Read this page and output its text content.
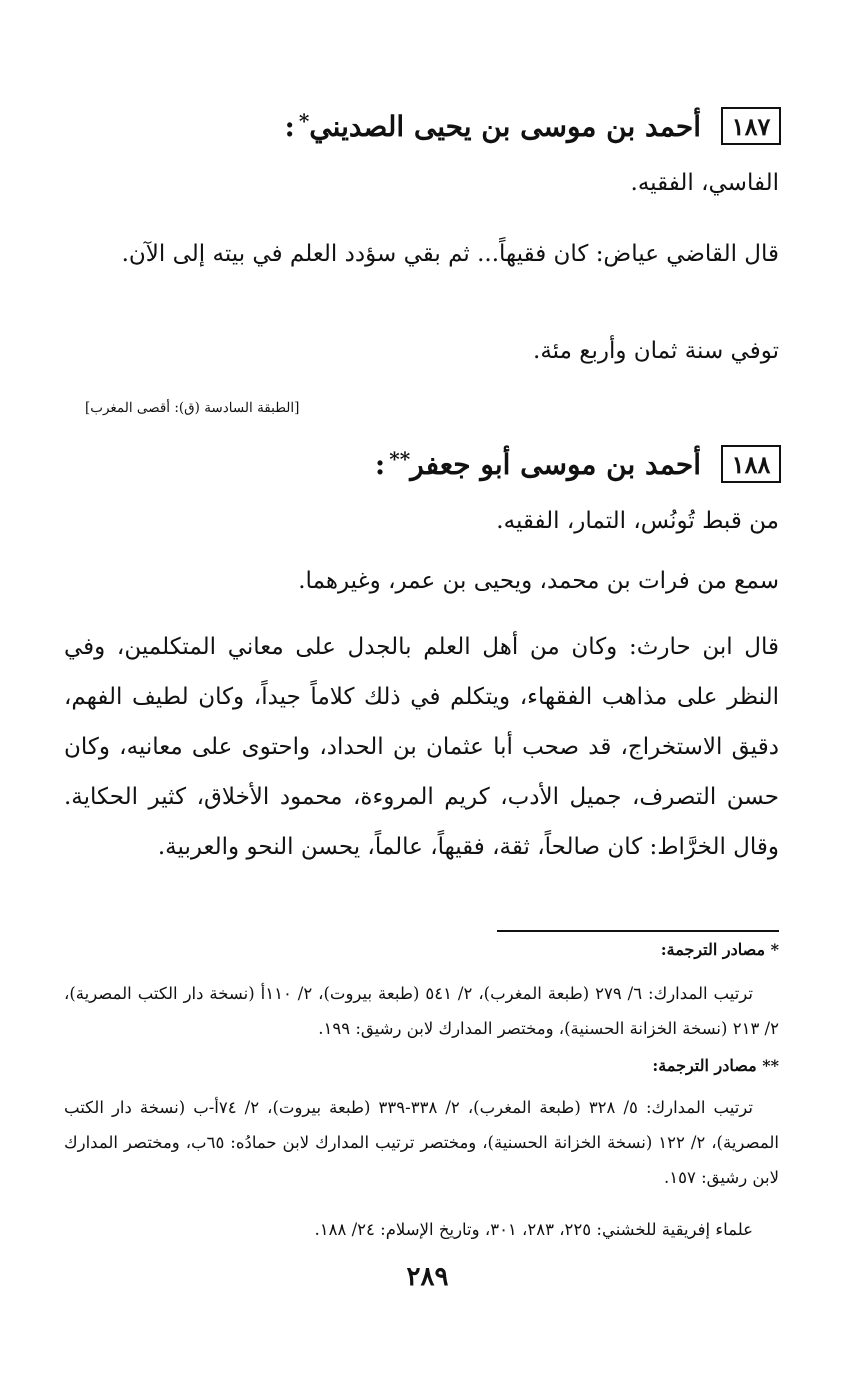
١٨٧
أحمد بن موسى بن يحيى الصديني*:
الفاسي، الفقيه.
قال القاضي عياض: كان فقيهاً... ثم بقي سؤدد العلم في بيته إلى الآن.
توفي سنة ثمان وأربع مئة.
[الطبقة السادسة (ق): أقصى المغرب]
١٨٨
أحمد بن موسى أبو جعفر**:
من قبط تُونُس، التمار، الفقيه.
سمع من فرات بن محمد، ويحيى بن عمر، وغيرهما.
قال ابن حارث: وكان من أهل العلم بالجدل على معاني المتكلمين، وفي النظر على مذاهب الفقهاء، ويتكلم في ذلك كلاماً جيداً، وكان لطيف الفهم، دقيق الاستخراج، قد صحب أبا عثمان بن الحداد، واحتوى على معانيه، وكان حسن التصرف، جميل الأدب، كريم المروءة، محمود الأخلاق، كثير الحكاية. وقال الخرَّاط: كان صالحاً، ثقة، فقيهاً، عالماً، يحسن النحو والعربية.
* مصادر الترجمة:
ترتيب المدارك: ٦/ ٢٧٩ (طبعة المغرب)، ٢/ ٥٤١ (طبعة بيروت)، ٢/ ١١٠أ (نسخة دار الكتب المصرية)، ٢/ ٢١٣ (نسخة الخزانة الحسنية)، ومختصر المدارك لابن رشيق: ١٩٩.
** مصادر الترجمة:
ترتيب المدارك: ٥/ ٣٢٨ (طبعة المغرب)، ٢/ ٣٣٨-٣٣٩ (طبعة بيروت)، ٢/ ٧٤أ-ب (نسخة دار الكتب المصرية)، ٢/ ١٢٢ (نسخة الخزانة الحسنية)، ومختصر ترتيب المدارك لابن حمادُه: ٦٥ب، ومختصر المدارك لابن رشيق: ١٥٧.
علماء إفريقية للخشني: ٢٢٥، ٢٨٣، ٣٠١، وتاريخ الإسلام: ٢٤/ ١٨٨.
٢٨٩
